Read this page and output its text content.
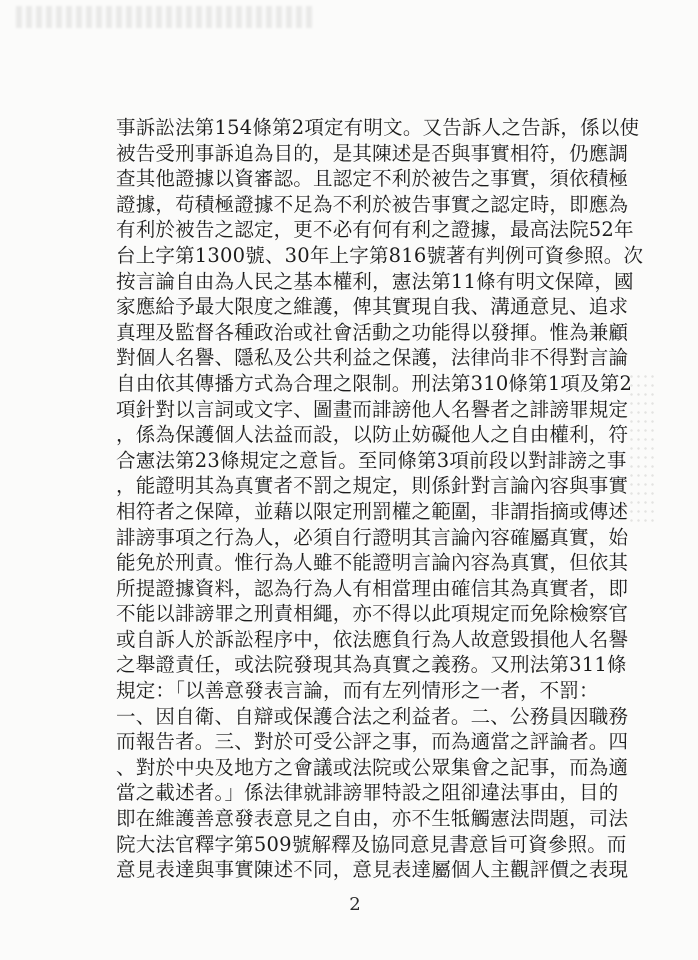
事訴訟法第154條第2項定有明文。又告訴人之告訴，係以使
被告受刑事訴追為目的，是其陳述是否與事實相符，仍應調
查其他證據以資審認。且認定不利於被告之事實，須依積極
證據，苟積極證據不足為不利於被告事實之認定時，即應為
有利於被告之認定，更不必有何有利之證據，最高法院52年
台上字第1300號、30年上字第816號著有判例可資參照。次
按言論自由為人民之基本權利，憲法第11條有明文保障，國
家應給予最大限度之維護，俾其實現自我、溝通意見、追求
真理及監督各種政治或社會活動之功能得以發揮。惟為兼顧
對個人名譽、隱私及公共利益之保護，法律尚非不得對言論
自由依其傳播方式為合理之限制。刑法第310條第1項及第2
項針對以言詞或文字、圖畫而誹謗他人名譽者之誹謗罪規定
，係為保護個人法益而設，以防止妨礙他人之自由權利，符
合憲法第23條規定之意旨。至同條第3項前段以對誹謗之事
，能證明其為真實者不罰之規定，則係針對言論內容與事實
相符者之保障，並藉以限定刑罰權之範圍，非謂指摘或傳述
誹謗事項之行為人，必須自行證明其言論內容確屬真實，始
能免於刑責。惟行為人雖不能證明言論內容為真實，但依其
所提證據資料，認為行為人有相當理由確信其為真實者，即
不能以誹謗罪之刑責相繩，亦不得以此項規定而免除檢察官
或自訴人於訴訟程序中，依法應負行為人故意毀損他人名譽
之舉證責任，或法院發現其為真實之義務。又刑法第311條
規定：「以善意發表言論，而有左列情形之一者，不罰：
一、因自衛、自辯或保護合法之利益者。二、公務員因職務
而報告者。三、對於可受公評之事，而為適當之評論者。四
、對於中央及地方之會議或法院或公眾集會之記事，而為適
當之載述者。」係法律就誹謗罪特設之阻卻違法事由，目的
即在維護善意發表意見之自由，亦不生牴觸憲法問題，司法
院大法官釋字第509號解釋及協同意見書意旨可資參照。而
意見表達與事實陳述不同，意見表達屬個人主觀評價之表現
2
